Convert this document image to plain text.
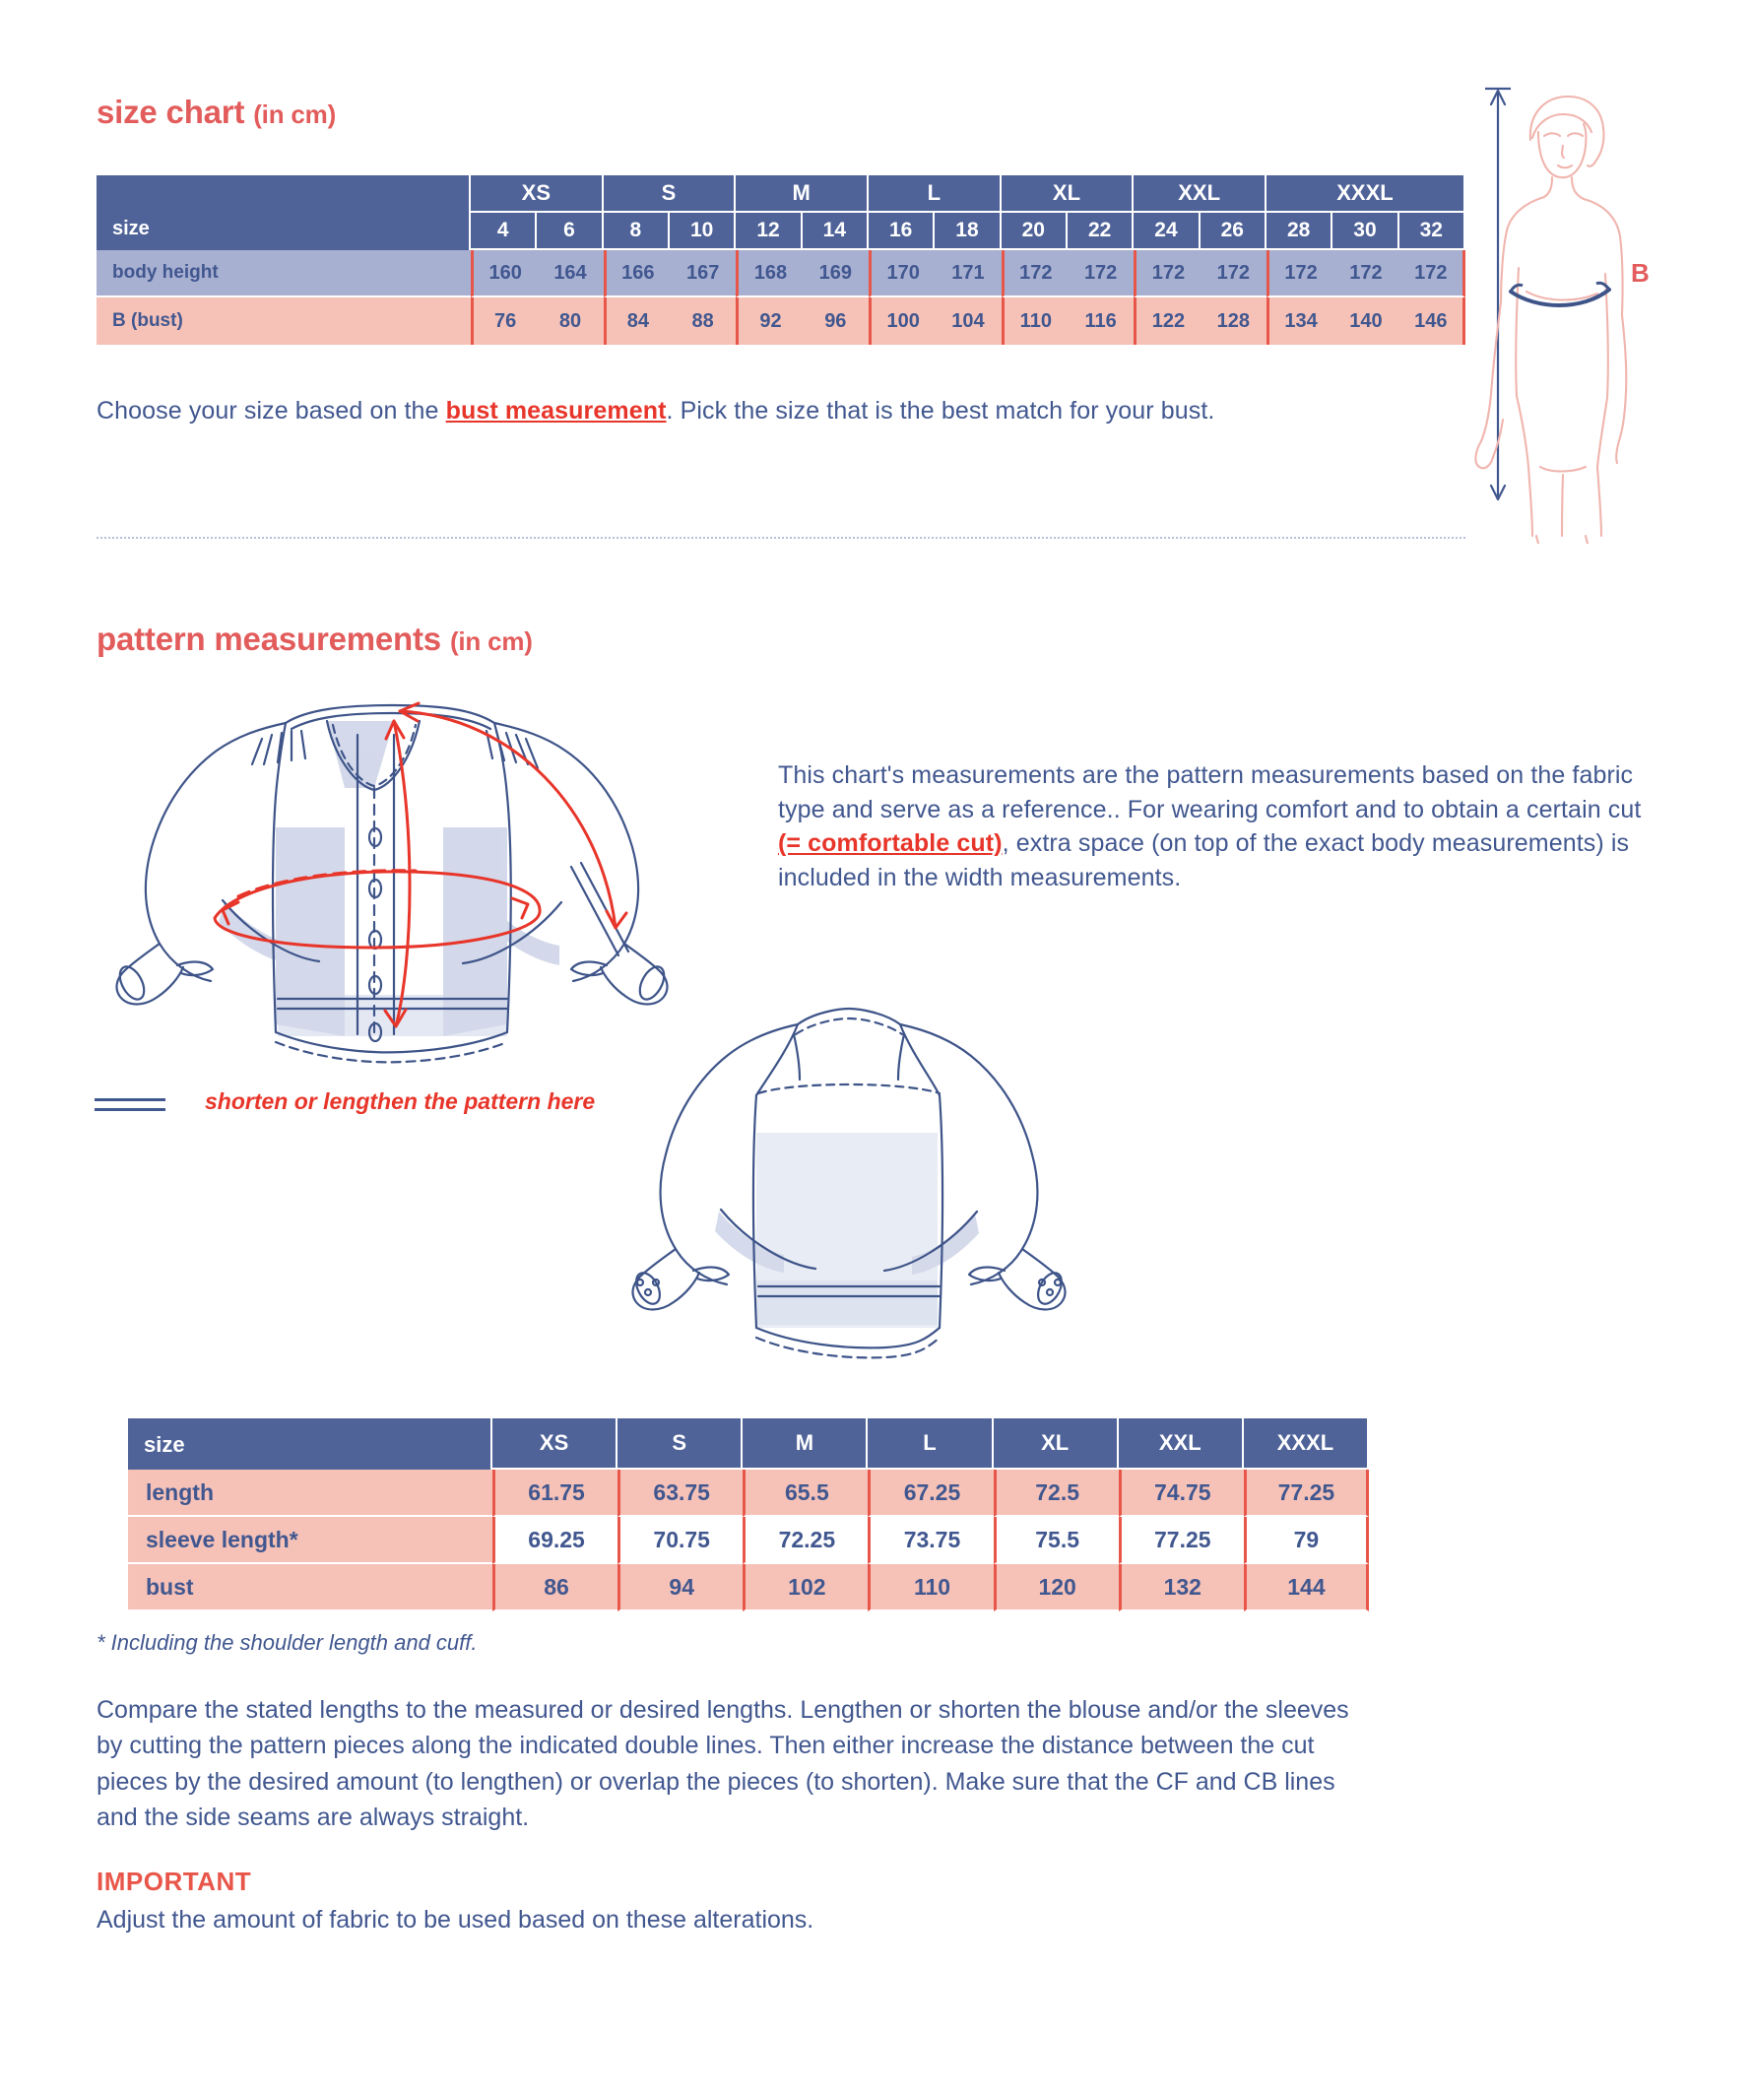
size chart (in cm)
size	XS		S		M		L		XL		XXL		XXXL		
	4	6	8	10	12	14	16	18	20	22	24	26	28	30	32
body height	160	164	166	167	168	169	170	171	172	172	172	172	172	172	172
B (bust)	76	80	84	88	92	96	100	104	110	116	122	128	134	140	146
Choose your size based on the bust measurement. Pick the size that is the best match for your bust.
B
pattern measurements (in cm)
This chart's measurements are the pattern measurements based on the fabric type and serve as a reference.. For wearing comfort and to obtain a certain cut (= comfortable cut), extra space (on top of the exact body measurements) is included in the width measurements.
shorten or lengthen the pattern here
size	XS	S	M	L	XL	XXL	XXXL
length	61.75	63.75	65.5	67.25	72.5	74.75	77.25
sleeve length*	69.25	70.75	72.25	73.75	75.5	77.25	79
bust	86	94	102	110	120	132	144
* Including the shoulder length and cuff.
Compare the stated lengths to the measured or desired lengths. Lengthen or shorten the blouse and/or the sleeves by cutting the pattern pieces along the indicated double lines. Then either increase the distance between the cut pieces by the desired amount (to lengthen) or overlap the pieces (to shorten). Make sure that the CF and CB lines and the side seams are always straight.
IMPORTANT
Adjust the amount of fabric to be used based on these alterations.
